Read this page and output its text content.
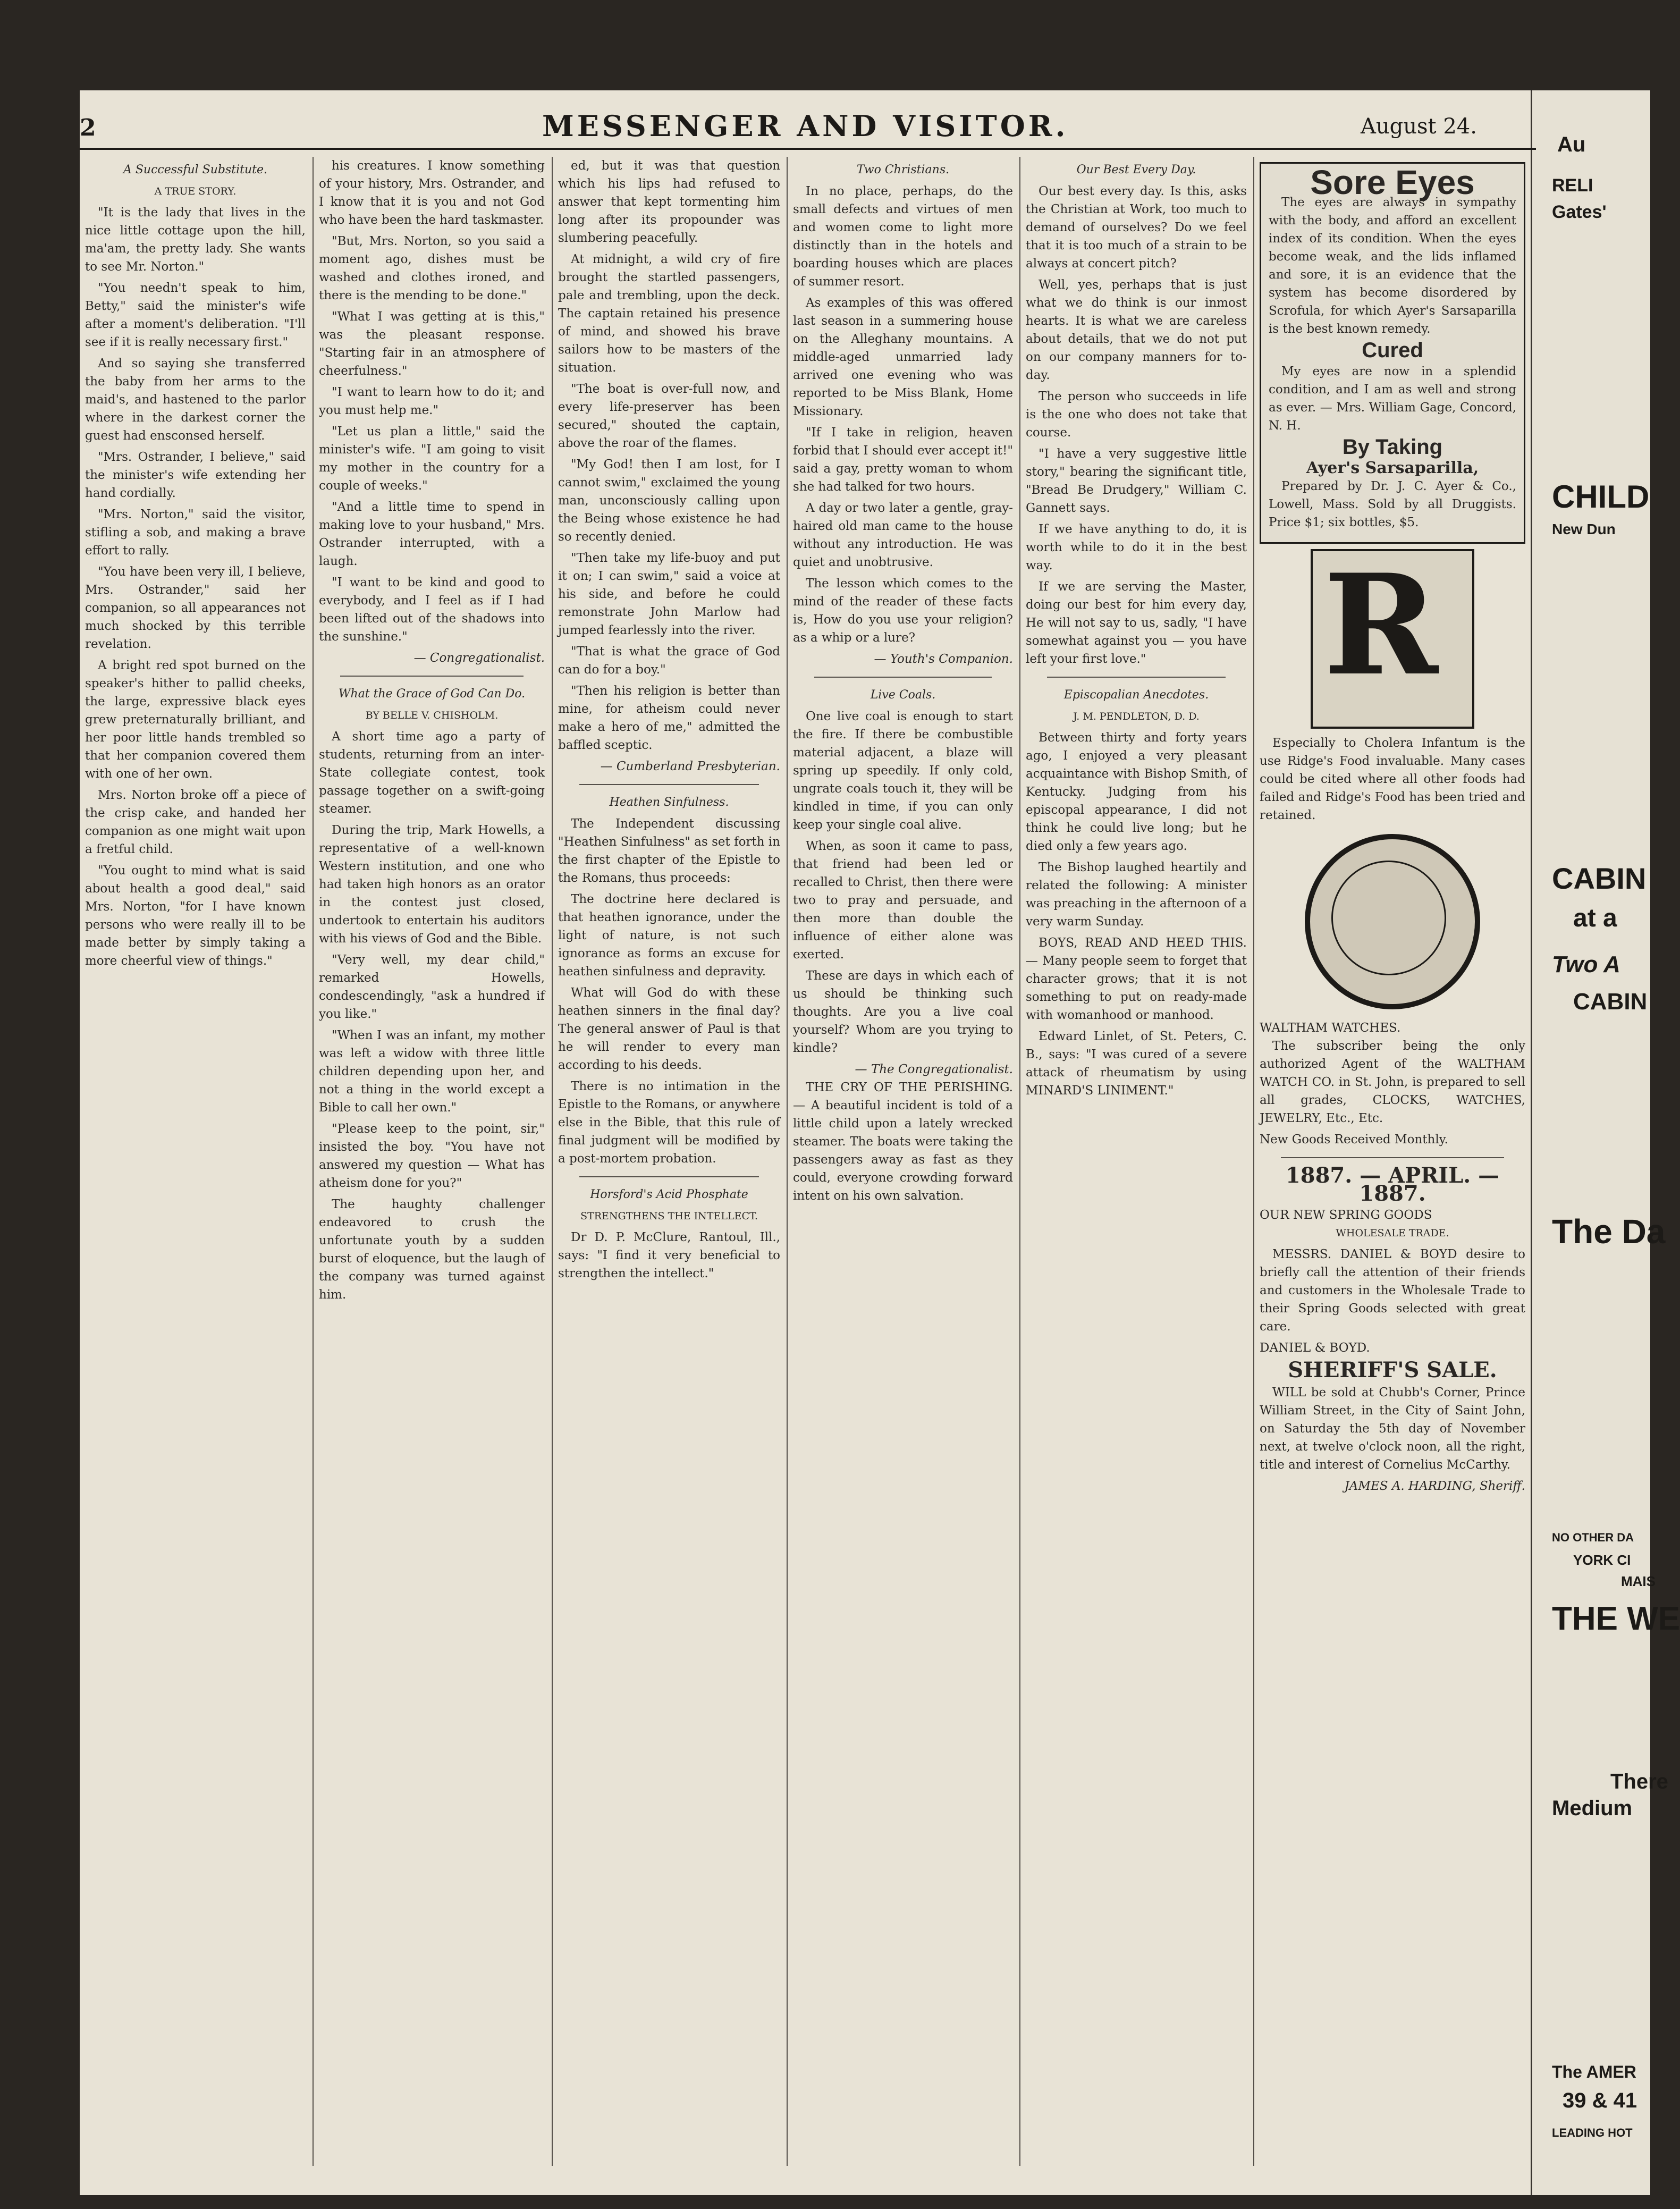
2	MESSENGER AND VISITOR.	August 24.
A Successful Substitute.
A TRUE STORY.

"It is the lady that lives in the nice little cottage upon the hill, ma'am, the pretty lady. She wants to see Mr. Norton."

"You needn't speak to him, Betty," said the minister's wife after a moment's deliberation. "I'll see if it is really necessary first."

And so saying she transferred the baby from her arms to the maid's, and hastened to the parlor where in the darkest corner the guest had ensconsed herself.

"Mrs. Ostrander, I believe," said the minister's wife extending her hand cordially.

"Mrs. Norton," said the visitor, stifling a sob, and making a brave effort to rally.

"You have been very ill, I believe, Mrs. Ostrander," said her companion, so all appearances not much shocked by this terrible revelation.

A bright red spot burned on the speaker's hither to pallid cheeks, the large, expressive black eyes grew preternaturally brilliant, and her poor little hands trembled so that her companion covered them with one of her own.

Mrs. Norton broke off a piece of the crisp cake, and handed her companion as one might wait upon a fretful child.

"You ought to mind what is said about health a good deal," said Mrs. Norton, "for I have known persons who were really ill to be made better by simply taking a more cheerful view of things."

his creatures. I know something of your history, Mrs. Ostrander, and I know that it is you and not God who have been the hard taskmaster.

"But, Mrs. Norton, so you said a moment ago, dishes must be washed and clothes ironed, and there is the mending to be done."

"What I was getting at is this," was the pleasant response. "Starting fair in an atmosphere of cheerfulness."

"I want to learn how to do it; and you must help me."

"Let us plan a little," said the minister's wife. "I am going to visit my mother in the country for a couple of weeks."

"And a little time to spend in making love to your husband," Mrs. Ostrander interrupted, with a laugh.

"I want to be kind and good to everybody, and I feel as if I had been lifted out of the shadows into the sunshine."

— Congregationalist.
What the Grace of God Can Do.
BY BELLE V. CHISHOLM.

A short time ago a party of students, returning from an inter-State collegiate contest, took passage together on a swift-going steamer.

During the trip, Mark Howells, a representative of a well-known Western institution, and one who had taken high honors as an orator in the contest just closed, undertook to entertain his auditors with his views of God and the Bible.

"Very well, my dear child," remarked Howells, condescendingly, "ask a hundred if you like."

"When I was an infant, my mother was left a widow with three little children depending upon her, and not a thing in the world except a Bible to call her own."

"Please keep to the point, sir," insisted the boy. "You have not answered my question — What has atheism done for you?"

The haughty challenger endeavored to crush the unfortunate youth by a sudden burst of eloquence, but the laugh of the company was turned against him.

ed, but it was that question which his lips had refused to answer that kept tormenting him long after its propounder was slumbering peacefully.

At midnight, a wild cry of fire brought the startled passengers, pale and trembling, upon the deck. The captain retained his presence of mind, and showed his brave sailors how to be masters of the situation.

"The boat is over-full now, and every life-preserver has been secured," shouted the captain, above the roar of the flames.

"My God! then I am lost, for I cannot swim," exclaimed the young man, unconsciously calling upon the Being whose existence he had so recently denied.

"Then take my life-buoy and put it on; I can swim," said a voice at his side, and before he could remonstrate John Marlow had jumped fearlessly into the river.

"That is what the grace of God can do for a boy."

"Then his religion is better than mine, for atheism could never make a hero of me," admitted the baffled sceptic.

— Cumberland Presbyterian.
Heathen Sinfulness.

The Independent discussing "Heathen Sinfulness" as set forth in the first chapter of the Epistle to the Romans, thus proceeds:

The doctrine here declared is that heathen ignorance, under the light of nature, is not such ignorance as forms an excuse for heathen sinfulness and depravity.

What will God do with these heathen sinners in the final day? The general answer of Paul is that he will render to every man according to his deeds.

There is no intimation in the Epistle to the Romans, or anywhere else in the Bible, that this rule of final judgment will be modified by a post-mortem probation.

Horsford's Acid Phosphate
STRENGTHENS THE INTELLECT.

Dr D. P. McClure, Rantoul, Ill., says: "I find it very beneficial to strengthen the intellect."

Two Christians.

In no place, perhaps, do the small defects and virtues of men and women come to light more distinctly than in the hotels and boarding houses which are places of summer resort.

As examples of this was offered last season in a summering house on the Alleghany mountains. A middle-aged unmarried lady arrived one evening who was reported to be Miss Blank, Home Missionary.

"If I take in religion, heaven forbid that I should ever accept it!" said a gay, pretty woman to whom she had talked for two hours.

A day or two later a gentle, gray-haired old man came to the house without any introduction. He was quiet and unobtrusive.

The lesson which comes to the mind of the reader of these facts is, How do you use your religion? as a whip or a lure?

— Youth's Companion.
Live Coals.

One live coal is enough to start the fire. If there be combustible material adjacent, a blaze will spring up speedily. If only cold, ungrate coals touch it, they will be kindled in time, if you can only keep your single coal alive.

When, as soon it came to pass, that friend had been led or recalled to Christ, then there were two to pray and persuade, and then more than double the influence of either alone was exerted.

These are days in which each of us should be thinking such thoughts. Are you a live coal yourself? Whom are you trying to kindle?

— The Congregationalist.

THE CRY OF THE PERISHING. — A beautiful incident is told of a little child upon a lately wrecked steamer. The boats were taking the passengers away as fast as they could, everyone crowding forward intent on his own salvation.

Our Best Every Day.

Our best every day. Is this, asks the Christian at Work, too much to demand of ourselves? Do we feel that it is too much of a strain to be always at concert pitch?

Well, yes, perhaps that is just what we do think is our inmost hearts. It is what we are careless about details, that we do not put on our company manners for to-day.

The person who succeeds in life is the one who does not take that course.

"I have a very suggestive little story," bearing the significant title, "Bread Be Drudgery," William C. Gannett says.

If we have anything to do, it is worth while to do it in the best way.

If we are serving the Master, doing our best for him every day, He will not say to us, sadly, "I have somewhat against you — you have left your first love."

Episcopalian Anecdotes.
J. M. PENDLETON, D. D.

Between thirty and forty years ago, I enjoyed a very pleasant acquaintance with Bishop Smith, of Kentucky. Judging from his episcopal appearance, I did not think he could live long; but he died only a few years ago.

The Bishop laughed heartily and related the following: A minister was preaching in the afternoon of a very warm Sunday.

BOYS, READ AND HEED THIS. — Many people seem to forget that character grows; that it is not something to put on ready-made with womanhood or manhood.

Edward Linlet, of St. Peters, C. B., says: "I was cured of a severe attack of rheumatism by using MINARD'S LINIMENT."

Sore Eyes

The eyes are always in sympathy with the body, and afford an excellent index of its condition. When the eyes become weak, and the lids inflamed and sore, it is an evidence that the system has become disordered by Scrofula, for which Ayer's Sarsaparilla is the best known remedy.

Cured

My eyes are now in a splendid condition, and I am as well and strong as ever. — Mrs. William Gage, Concord, N. H.

By Taking
Ayer's Sarsaparilla,

Prepared by Dr. J. C. Ayer & Co., Lowell, Mass. Sold by all Druggists. Price $1; six bottles, $5.

R

Especially to Cholera Infantum is the use Ridge's Food invaluable. Many cases could be cited where all other foods had failed and Ridge's Food has been tried and retained.

WALTHAM WATCHES.

The subscriber being the only authorized Agent of the WALTHAM WATCH CO. in St. John, is prepared to sell all grades, CLOCKS, WATCHES, JEWELRY, Etc., Etc.

New Goods Received Monthly.
1887. — APRIL. — 1887.
OUR NEW SPRING GOODS
WHOLESALE TRADE.

MESSRS. DANIEL & BOYD desire to briefly call the attention of their friends and customers in the Wholesale Trade to their Spring Goods selected with great care.

DANIEL & BOYD.
SHERIFF'S SALE.

WILL be sold at Chubb's Corner, Prince William Street, in the City of Saint John, on Saturday the 5th day of November next, at twelve o'clock noon, all the right, title and interest of Cornelius McCarthy.

JAMES A. HARDING, Sheriff.
Au
RELI
Gates'
CHILD
New Dun
CABIN
at a
Two A
CABIN
The Da
NO OTHER DA
YORK CI
MAIS
THE WE
There
Medium
The AMER
39 & 41
LEADING HOT
